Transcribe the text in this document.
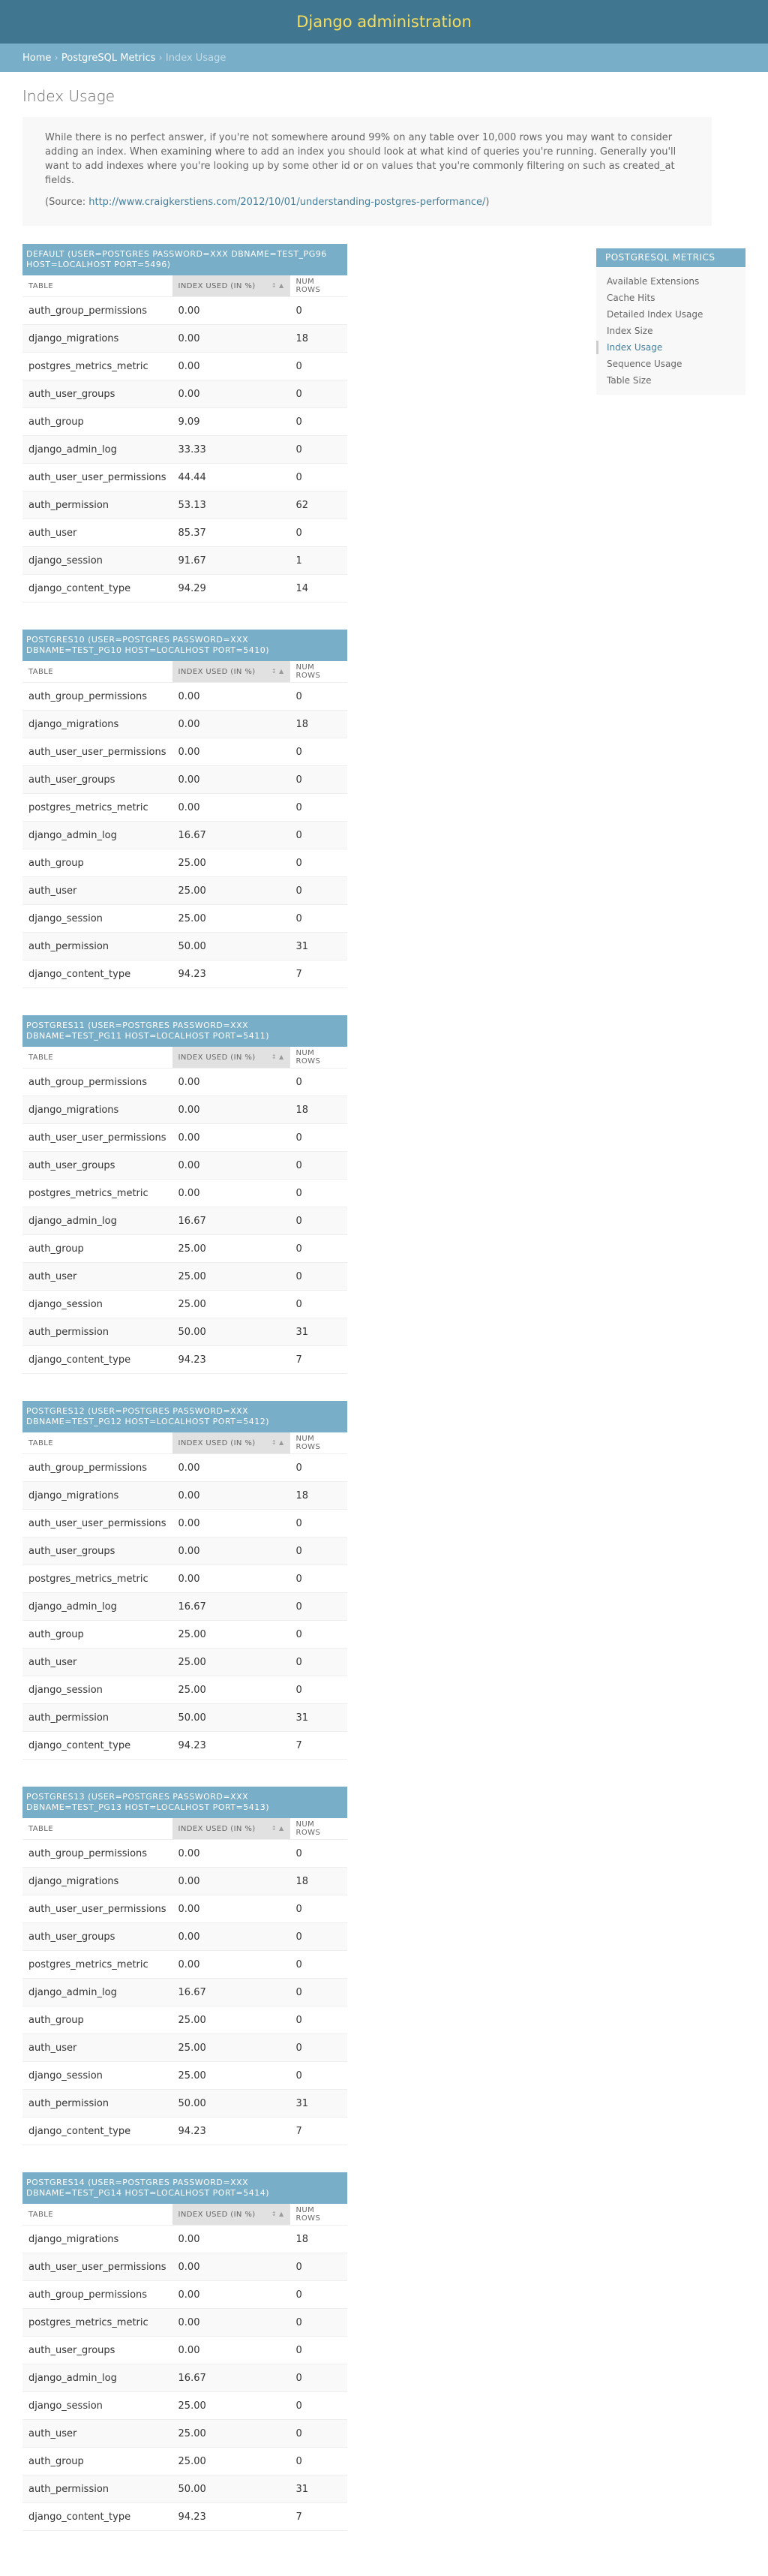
Django administration
Home › PostgreSQL Metrics › Index Usage
Index Usage

While there is no perfect answer, if you're not somewhere around 99% on any table over 10,000 rows you may want to consider adding an index. When examining where to add an index you should look at what kind of queries you're running. Generally you'll want to add indexes where you're looking up by some other id or on values that you're commonly filtering on such as created_at fields.

(Source: http://www.craigkerstiens.com/2012/10/01/understanding-postgres-performance/)

DEFAULT (USER=POSTGRES PASSWORD=XXX DBNAME=TEST_PG96 HOST=LOCALHOST PORT=5496)
TABLE	INDEX USED (IN %) ↕ ▲	NUM ROWS
auth_group_permissions	0.00	0
django_migrations	0.00	18
postgres_metrics_metric	0.00	0
auth_user_groups	0.00	0
auth_group	9.09	0
django_admin_log	33.33	0
auth_user_user_permissions	44.44	0
auth_permission	53.13	62
auth_user	85.37	0
django_session	91.67	1
django_content_type	94.29	14
POSTGRES10 (USER=POSTGRES PASSWORD=XXX DBNAME=TEST_PG10 HOST=LOCALHOST PORT=5410)
TABLE	INDEX USED (IN %) ↕ ▲	NUM ROWS
auth_group_permissions	0.00	0
django_migrations	0.00	18
auth_user_user_permissions	0.00	0
auth_user_groups	0.00	0
postgres_metrics_metric	0.00	0
django_admin_log	16.67	0
auth_group	25.00	0
auth_user	25.00	0
django_session	25.00	0
auth_permission	50.00	31
django_content_type	94.23	7
POSTGRES11 (USER=POSTGRES PASSWORD=XXX DBNAME=TEST_PG11 HOST=LOCALHOST PORT=5411)
TABLE	INDEX USED (IN %) ↕ ▲	NUM ROWS
auth_group_permissions	0.00	0
django_migrations	0.00	18
auth_user_user_permissions	0.00	0
auth_user_groups	0.00	0
postgres_metrics_metric	0.00	0
django_admin_log	16.67	0
auth_group	25.00	0
auth_user	25.00	0
django_session	25.00	0
auth_permission	50.00	31
django_content_type	94.23	7
POSTGRES12 (USER=POSTGRES PASSWORD=XXX DBNAME=TEST_PG12 HOST=LOCALHOST PORT=5412)
TABLE	INDEX USED (IN %) ↕ ▲	NUM ROWS
auth_group_permissions	0.00	0
django_migrations	0.00	18
auth_user_user_permissions	0.00	0
auth_user_groups	0.00	0
postgres_metrics_metric	0.00	0
django_admin_log	16.67	0
auth_group	25.00	0
auth_user	25.00	0
django_session	25.00	0
auth_permission	50.00	31
django_content_type	94.23	7
POSTGRES13 (USER=POSTGRES PASSWORD=XXX DBNAME=TEST_PG13 HOST=LOCALHOST PORT=5413)
TABLE	INDEX USED (IN %) ↕ ▲	NUM ROWS
auth_group_permissions	0.00	0
django_migrations	0.00	18
auth_user_user_permissions	0.00	0
auth_user_groups	0.00	0
postgres_metrics_metric	0.00	0
django_admin_log	16.67	0
auth_group	25.00	0
auth_user	25.00	0
django_session	25.00	0
auth_permission	50.00	31
django_content_type	94.23	7
POSTGRES14 (USER=POSTGRES PASSWORD=XXX DBNAME=TEST_PG14 HOST=LOCALHOST PORT=5414)
TABLE	INDEX USED (IN %) ↕ ▲	NUM ROWS
django_migrations	0.00	18
auth_user_user_permissions	0.00	0
auth_group_permissions	0.00	0
postgres_metrics_metric	0.00	0
auth_user_groups	0.00	0
django_admin_log	16.67	0
django_session	25.00	0
auth_user	25.00	0
auth_group	25.00	0
auth_permission	50.00	31
django_content_type	94.23	7
POSTGRESQL METRICS
Available Extensions
Cache Hits
Detailed Index Usage
Index Size
Index Usage
Sequence Usage
Table Size
